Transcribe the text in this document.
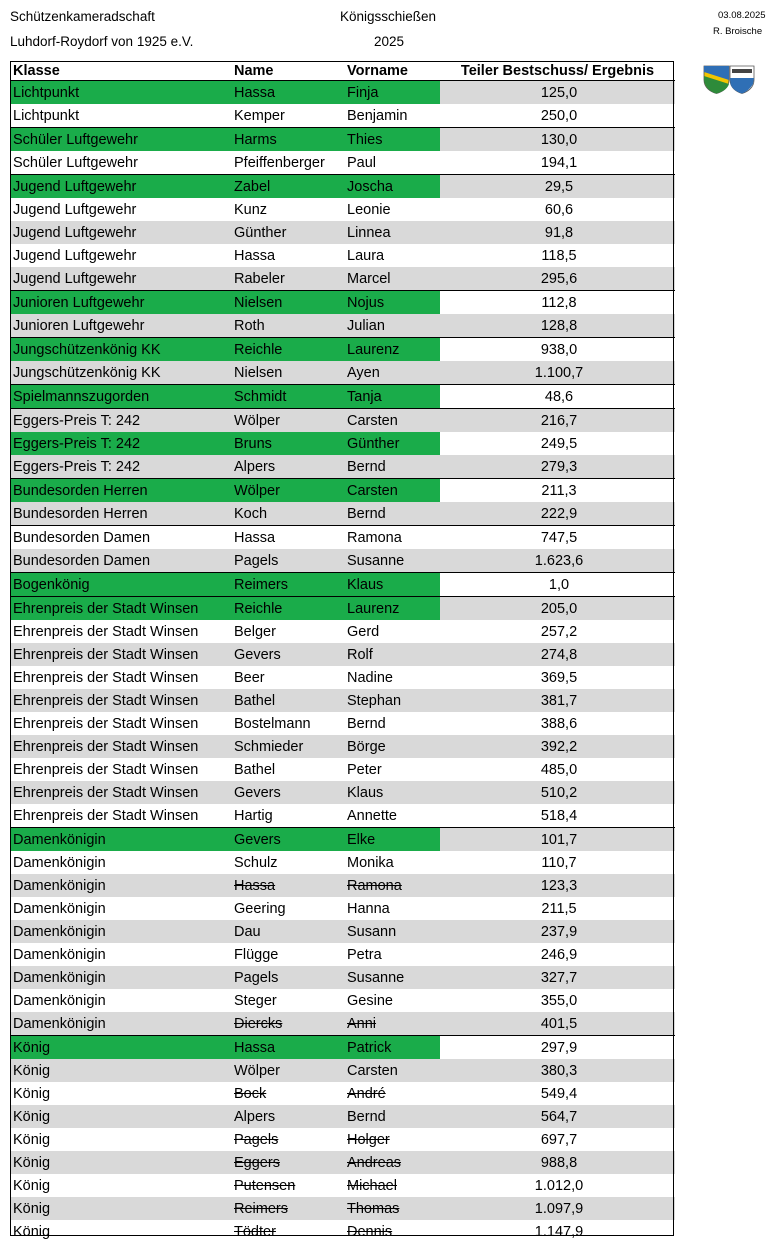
Schützenkameradschaft
Luhdorf-Roydorf von 1925 e.V.
Königsschießen
2025
03.08.2025
R. Broische
Klasse	Name	Vorname	Teiler Bestschuss/ Ergebnis
Lichtpunkt	Hassa	Finja	125,0
Lichtpunkt	Kemper	Benjamin	250,0
Schüler Luftgewehr	Harms	Thies	130,0
Schüler Luftgewehr	Pfeiffenberger	Paul	194,1
Jugend Luftgewehr	Zabel	Joscha	29,5
Jugend Luftgewehr	Kunz	Leonie	60,6
Jugend Luftgewehr	Günther	Linnea	91,8
Jugend Luftgewehr	Hassa	Laura	118,5
Jugend Luftgewehr	Rabeler	Marcel	295,6
Junioren Luftgewehr	Nielsen	Nojus	112,8
Junioren Luftgewehr	Roth	Julian	128,8
Jungschützenkönig KK	Reichle	Laurenz	938,0
Jungschützenkönig KK	Nielsen	Ayen	1.100,7
Spielmannszugorden	Schmidt	Tanja	48,6
Eggers-Preis T: 242	Wölper	Carsten	216,7
Eggers-Preis T: 242	Bruns	Günther	249,5
Eggers-Preis T: 242	Alpers	Bernd	279,3
Bundesorden Herren	Wölper	Carsten	211,3
Bundesorden Herren	Koch	Bernd	222,9
Bundesorden Damen	Hassa	Ramona	747,5
Bundesorden Damen	Pagels	Susanne	1.623,6
Bogenkönig	Reimers	Klaus	1,0
Ehrenpreis der Stadt Winsen	Reichle	Laurenz	205,0
Ehrenpreis der Stadt Winsen	Belger	Gerd	257,2
Ehrenpreis der Stadt Winsen	Gevers	Rolf	274,8
Ehrenpreis der Stadt Winsen	Beer	Nadine	369,5
Ehrenpreis der Stadt Winsen	Bathel	Stephan	381,7
Ehrenpreis der Stadt Winsen	Bostelmann	Bernd	388,6
Ehrenpreis der Stadt Winsen	Schmieder	Börge	392,2
Ehrenpreis der Stadt Winsen	Bathel	Peter	485,0
Ehrenpreis der Stadt Winsen	Gevers	Klaus	510,2
Ehrenpreis der Stadt Winsen	Hartig	Annette	518,4
Damenkönigin	Gevers	Elke	101,7
Damenkönigin	Schulz	Monika	110,7
Damenkönigin	Hassa	Ramona	123,3
Damenkönigin	Geering	Hanna	211,5
Damenkönigin	Dau	Susann	237,9
Damenkönigin	Flügge	Petra	246,9
Damenkönigin	Pagels	Susanne	327,7
Damenkönigin	Steger	Gesine	355,0
Damenkönigin	Diercks	Anni	401,5
König	Hassa	Patrick	297,9
König	Wölper	Carsten	380,3
König	Bock	André	549,4
König	Alpers	Bernd	564,7
König	Pagels	Holger	697,7
König	Eggers	Andreas	988,8
König	Putensen	Michael	1.012,0
König	Reimers	Thomas	1.097,9
König	Tödter	Dennis	1.147,9
